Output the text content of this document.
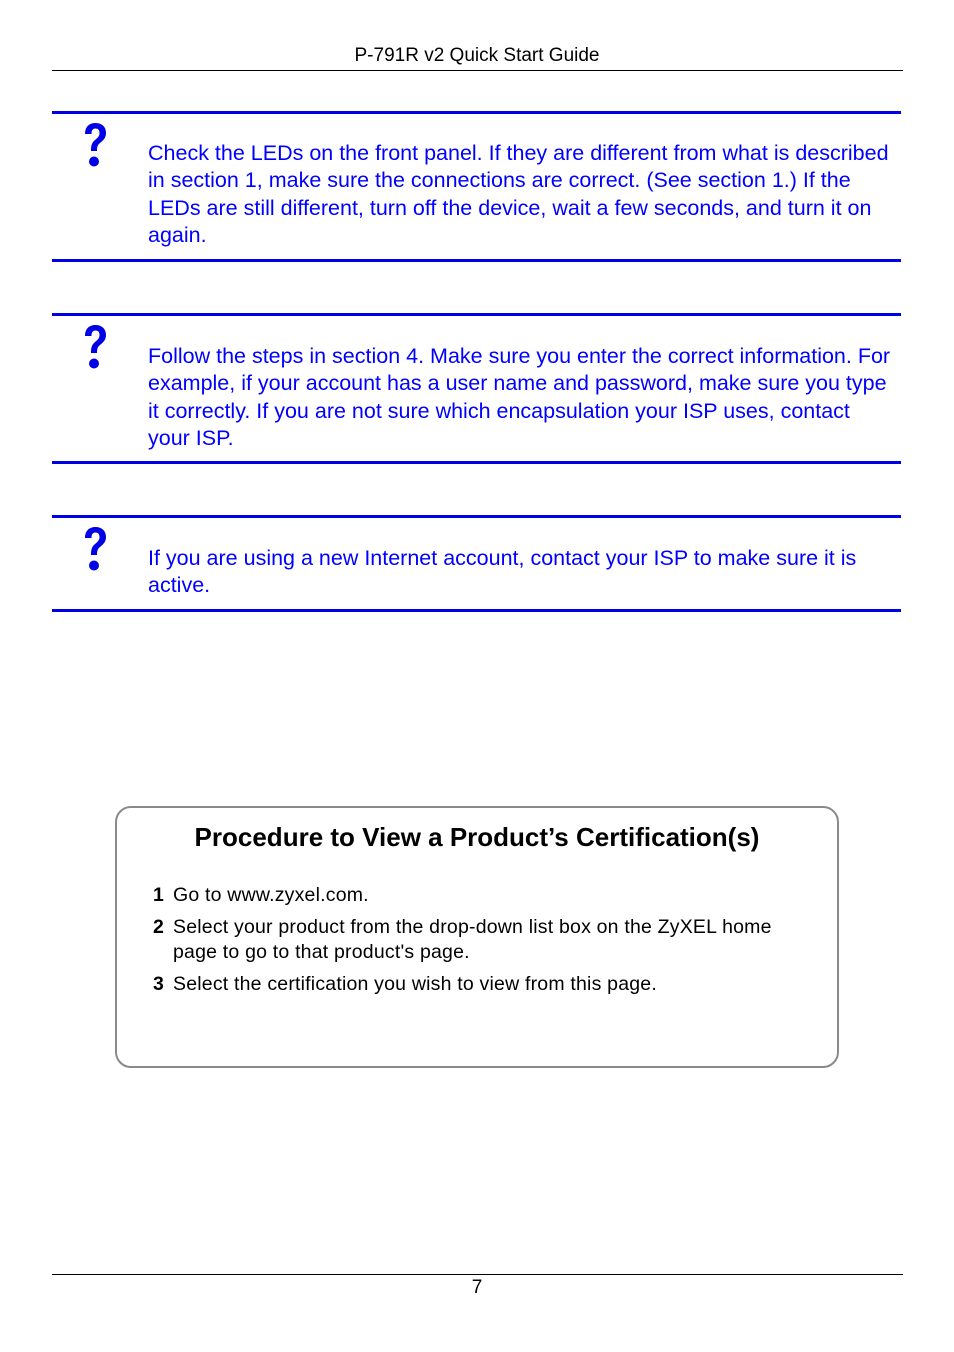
P-791R v2 Quick Start Guide
Check the LEDs on the front panel. If they are different from what is described in section 1, make sure the connections are correct. (See section 1.) If the LEDs are still different, turn off the device, wait a few seconds, and turn it on again.
Follow the steps in section 4. Make sure you enter the correct information. For example, if your account has a user name and password, make sure you type it correctly. If you are not sure which encapsulation your ISP uses, contact your ISP.
If you are using a new Internet account, contact your ISP to make sure it is active.
Procedure to View a Product’s Certification(s)
1 Go to www.zyxel.com.
2 Select your product from the drop-down list box on the ZyXEL home page to go to that product's page.
3 Select the certification you wish to view from this page.
7
